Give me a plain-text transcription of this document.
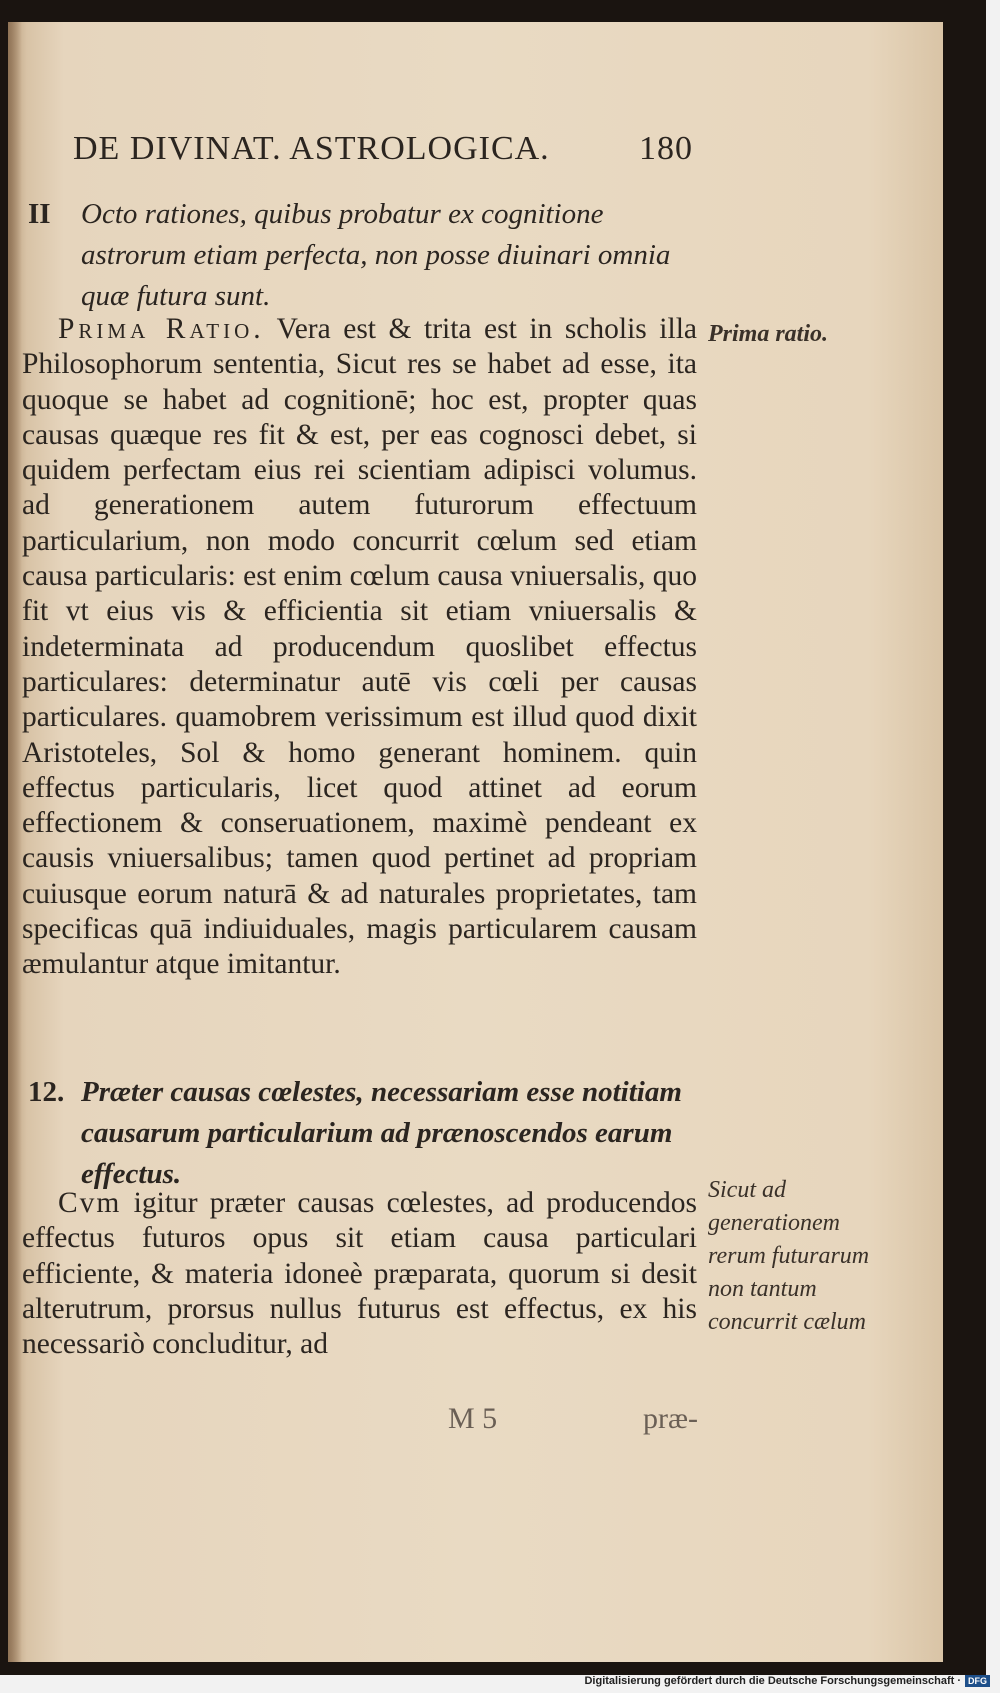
DE DIVINAT. ASTROLOGICA.	180
II	Octo rationes, quibus probatur ex cognitione astrorum etiam perfecta, non posse diuinari omnia quæ futura sunt.
Prima ratio.

Prima Ratio. Vera est & trita est in scholis illa Philosophorum sententia, Sicut res se habet ad esse, ita quoque se habet ad cognitionē; hoc est, propter quas causas quæque res fit & est, per eas cognosci debet, si quidem perfectam eius rei scientiam adipisci volumus. ad generationem autem futurorum effectuum particularium, non modo concurrit cœlum sed etiam causa particularis: est enim cœlum causa vniuersalis, quo fit vt eius vis & efficientia sit etiam vniuersalis & indeterminata ad producendum quoslibet effectus particulares: determinatur autē vis cœli per causas particulares. quamobrem verissimum est illud quod dixit Aristoteles, Sol & homo generant hominem. quin effectus particularis, licet quod attinet ad eorum effectionem & conseruationem, maximè pendeant ex causis vniuersalibus; tamen quod pertinet ad propriam cuiusque eorum naturā & ad naturales proprietates, tam specificas quā indiuiduales, magis particularem causam æmulantur atque imitantur.

12. Præter causas cœlestes, necessariam esse notitiam causarum particularium ad prænoscendos earum effectus.	Sicut ad generationem rerum futurarum non tantum concurrit cælum

Cvm igitur præter causas cœlestes, ad producendos effectus futuros opus sit etiam causa particulari efficiente, & materia idoneè præparata, quorum si desit alterutrum, prorsus nullus futurus est effectus, ex his necessariò concluditur, ad

M 5	præ-
Digitalisierung gefördert durch die Deutsche Forschungsgemeinschaft · DFG
